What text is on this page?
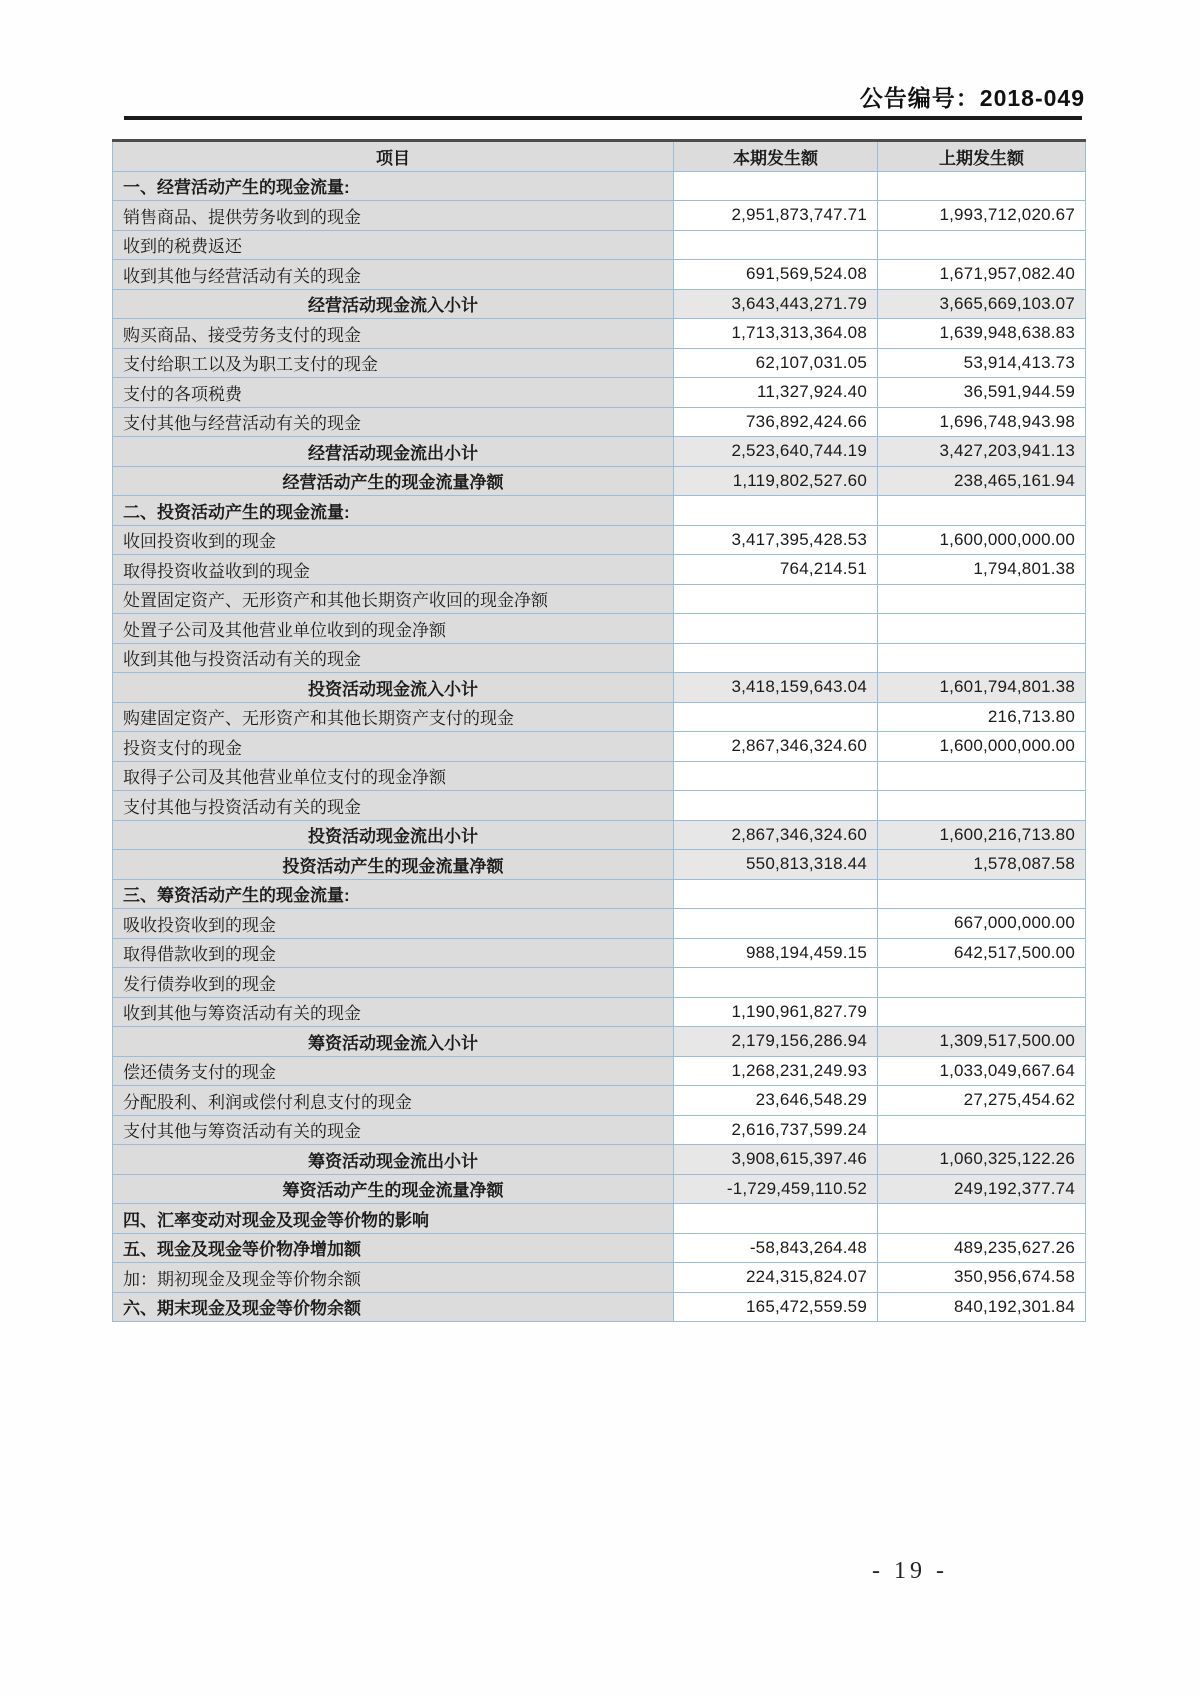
公告编号：2018-049
项目	本期发生额	上期发生额
一、经营活动产生的现金流量:		
销售商品、提供劳务收到的现金	2,951,873,747.71	1,993,712,020.67
收到的税费返还		
收到其他与经营活动有关的现金	691,569,524.08	1,671,957,082.40
经营活动现金流入小计	3,643,443,271.79	3,665,669,103.07
购买商品、接受劳务支付的现金	1,713,313,364.08	1,639,948,638.83
支付给职工以及为职工支付的现金	62,107,031.05	53,914,413.73
支付的各项税费	11,327,924.40	36,591,944.59
支付其他与经营活动有关的现金	736,892,424.66	1,696,748,943.98
经营活动现金流出小计	2,523,640,744.19	3,427,203,941.13
经营活动产生的现金流量净额	1,119,802,527.60	238,465,161.94
二、投资活动产生的现金流量:		
收回投资收到的现金	3,417,395,428.53	1,600,000,000.00
取得投资收益收到的现金	764,214.51	1,794,801.38
处置固定资产、无形资产和其他长期资产收回的现金净额		
处置子公司及其他营业单位收到的现金净额		
收到其他与投资活动有关的现金		
投资活动现金流入小计	3,418,159,643.04	1,601,794,801.38
购建固定资产、无形资产和其他长期资产支付的现金		216,713.80
投资支付的现金	2,867,346,324.60	1,600,000,000.00
取得子公司及其他营业单位支付的现金净额		
支付其他与投资活动有关的现金		
投资活动现金流出小计	2,867,346,324.60	1,600,216,713.80
投资活动产生的现金流量净额	550,813,318.44	1,578,087.58
三、筹资活动产生的现金流量:		
吸收投资收到的现金		667,000,000.00
取得借款收到的现金	988,194,459.15	642,517,500.00
发行债券收到的现金		
收到其他与筹资活动有关的现金	1,190,961,827.79	
筹资活动现金流入小计	2,179,156,286.94	1,309,517,500.00
偿还债务支付的现金	1,268,231,249.93	1,033,049,667.64
分配股利、利润或偿付利息支付的现金	23,646,548.29	27,275,454.62
支付其他与筹资活动有关的现金	2,616,737,599.24	
筹资活动现金流出小计	3,908,615,397.46	1,060,325,122.26
筹资活动产生的现金流量净额	-1,729,459,110.52	249,192,377.74
四、汇率变动对现金及现金等价物的影响		
五、现金及现金等价物净增加额	-58,843,264.48	489,235,627.26
加：期初现金及现金等价物余额	224,315,824.07	350,956,674.58
六、期末现金及现金等价物余额	165,472,559.59	840,192,301.84
- 19 -
